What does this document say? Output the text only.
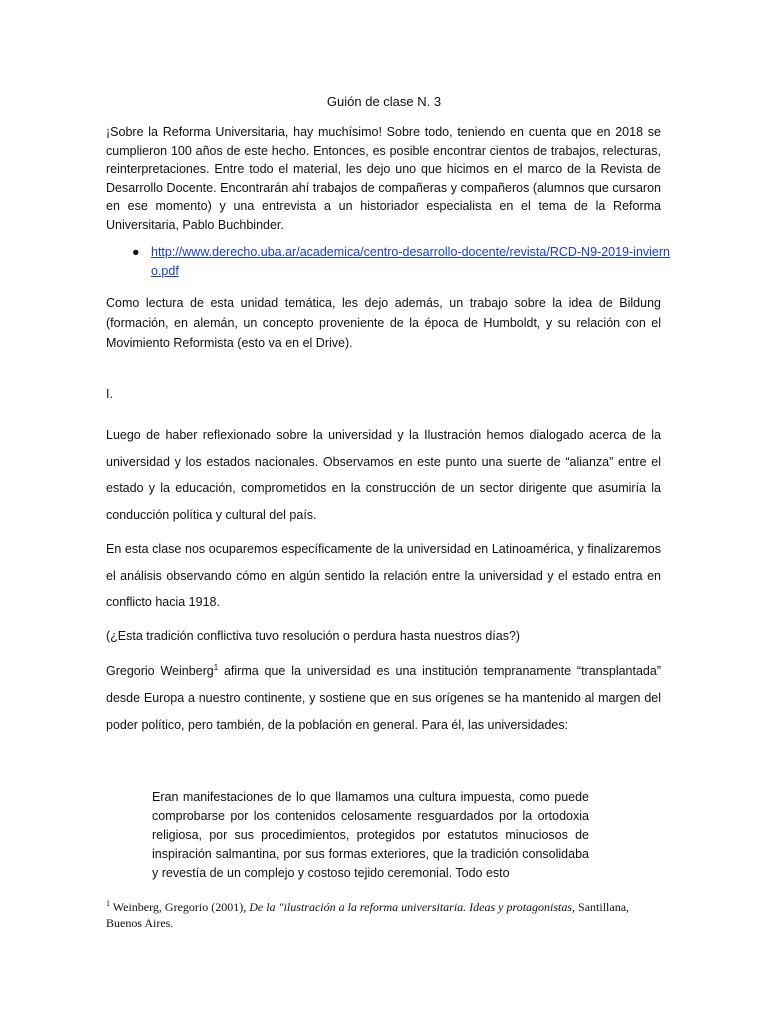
Guión de clase N. 3

¡Sobre la Reforma Universitaria, hay muchísimo! Sobre todo, teniendo en cuenta que en 2018 se cumplieron 100 años de este hecho. Entonces, es posible encontrar cientos de trabajos, relecturas, reinterpretaciones. Entre todo el material, les dejo uno que hicimos en el marco de la Revista de Desarrollo Docente. Encontrarán ahí trabajos de compañeras y compañeros (alumnos que cursaron en ese momento) y una entrevista a un historiador especialista en el tema de la Reforma Universitaria, Pablo Buchbinder.

● http://www.derecho.uba.ar/academica/centro-desarrollo-docente/revista/RCD-N9-2019-invierno.pdf

Como lectura de esta unidad temática, les dejo además, un trabajo sobre la idea de Bildung (formación, en alemán, un concepto proveniente de la época de Humboldt, y su relación con el Movimiento Reformista (esto va en el Drive).

I.

Luego de haber reflexionado sobre la universidad y la Ilustración hemos dialogado acerca de la universidad y los estados nacionales. Observamos en este punto una suerte de “alianza” entre el estado y la educación, comprometidos en la construcción de un sector dirigente que asumiría la conducción política y cultural del país.

En esta clase nos ocuparemos específicamente de la universidad en Latinoamérica, y finalizaremos el análisis observando cómo en algún sentido la relación entre la universidad y el estado entra en conflicto hacia 1918.

(¿Esta tradición conflictiva tuvo resolución o perdura hasta nuestros días?)

Gregorio Weinberg$^1$ afirma que la universidad es una institución tempranamente “transplantada” desde Europa a nuestro continente, y sostiene que en sus orígenes se ha mantenido al margen del poder político, pero también, de la población en general. Para él, las universidades:

Eran manifestaciones de lo que llamamos una cultura impuesta, como puede comprobarse por los contenidos celosamente resguardados por la ortodoxia religiosa, por sus procedimientos, protegidos por estatutos minuciosos de inspiración salmantina, por sus formas exteriores, que la tradición consolidaba y revestía de un complejo y costoso tejido ceremonial. Todo esto

$^1$ Weinberg, Gregorio (2001), De la "ilustración a la reforma universitaria. Ideas y protagonistas, Santillana, Buenos Aires.
